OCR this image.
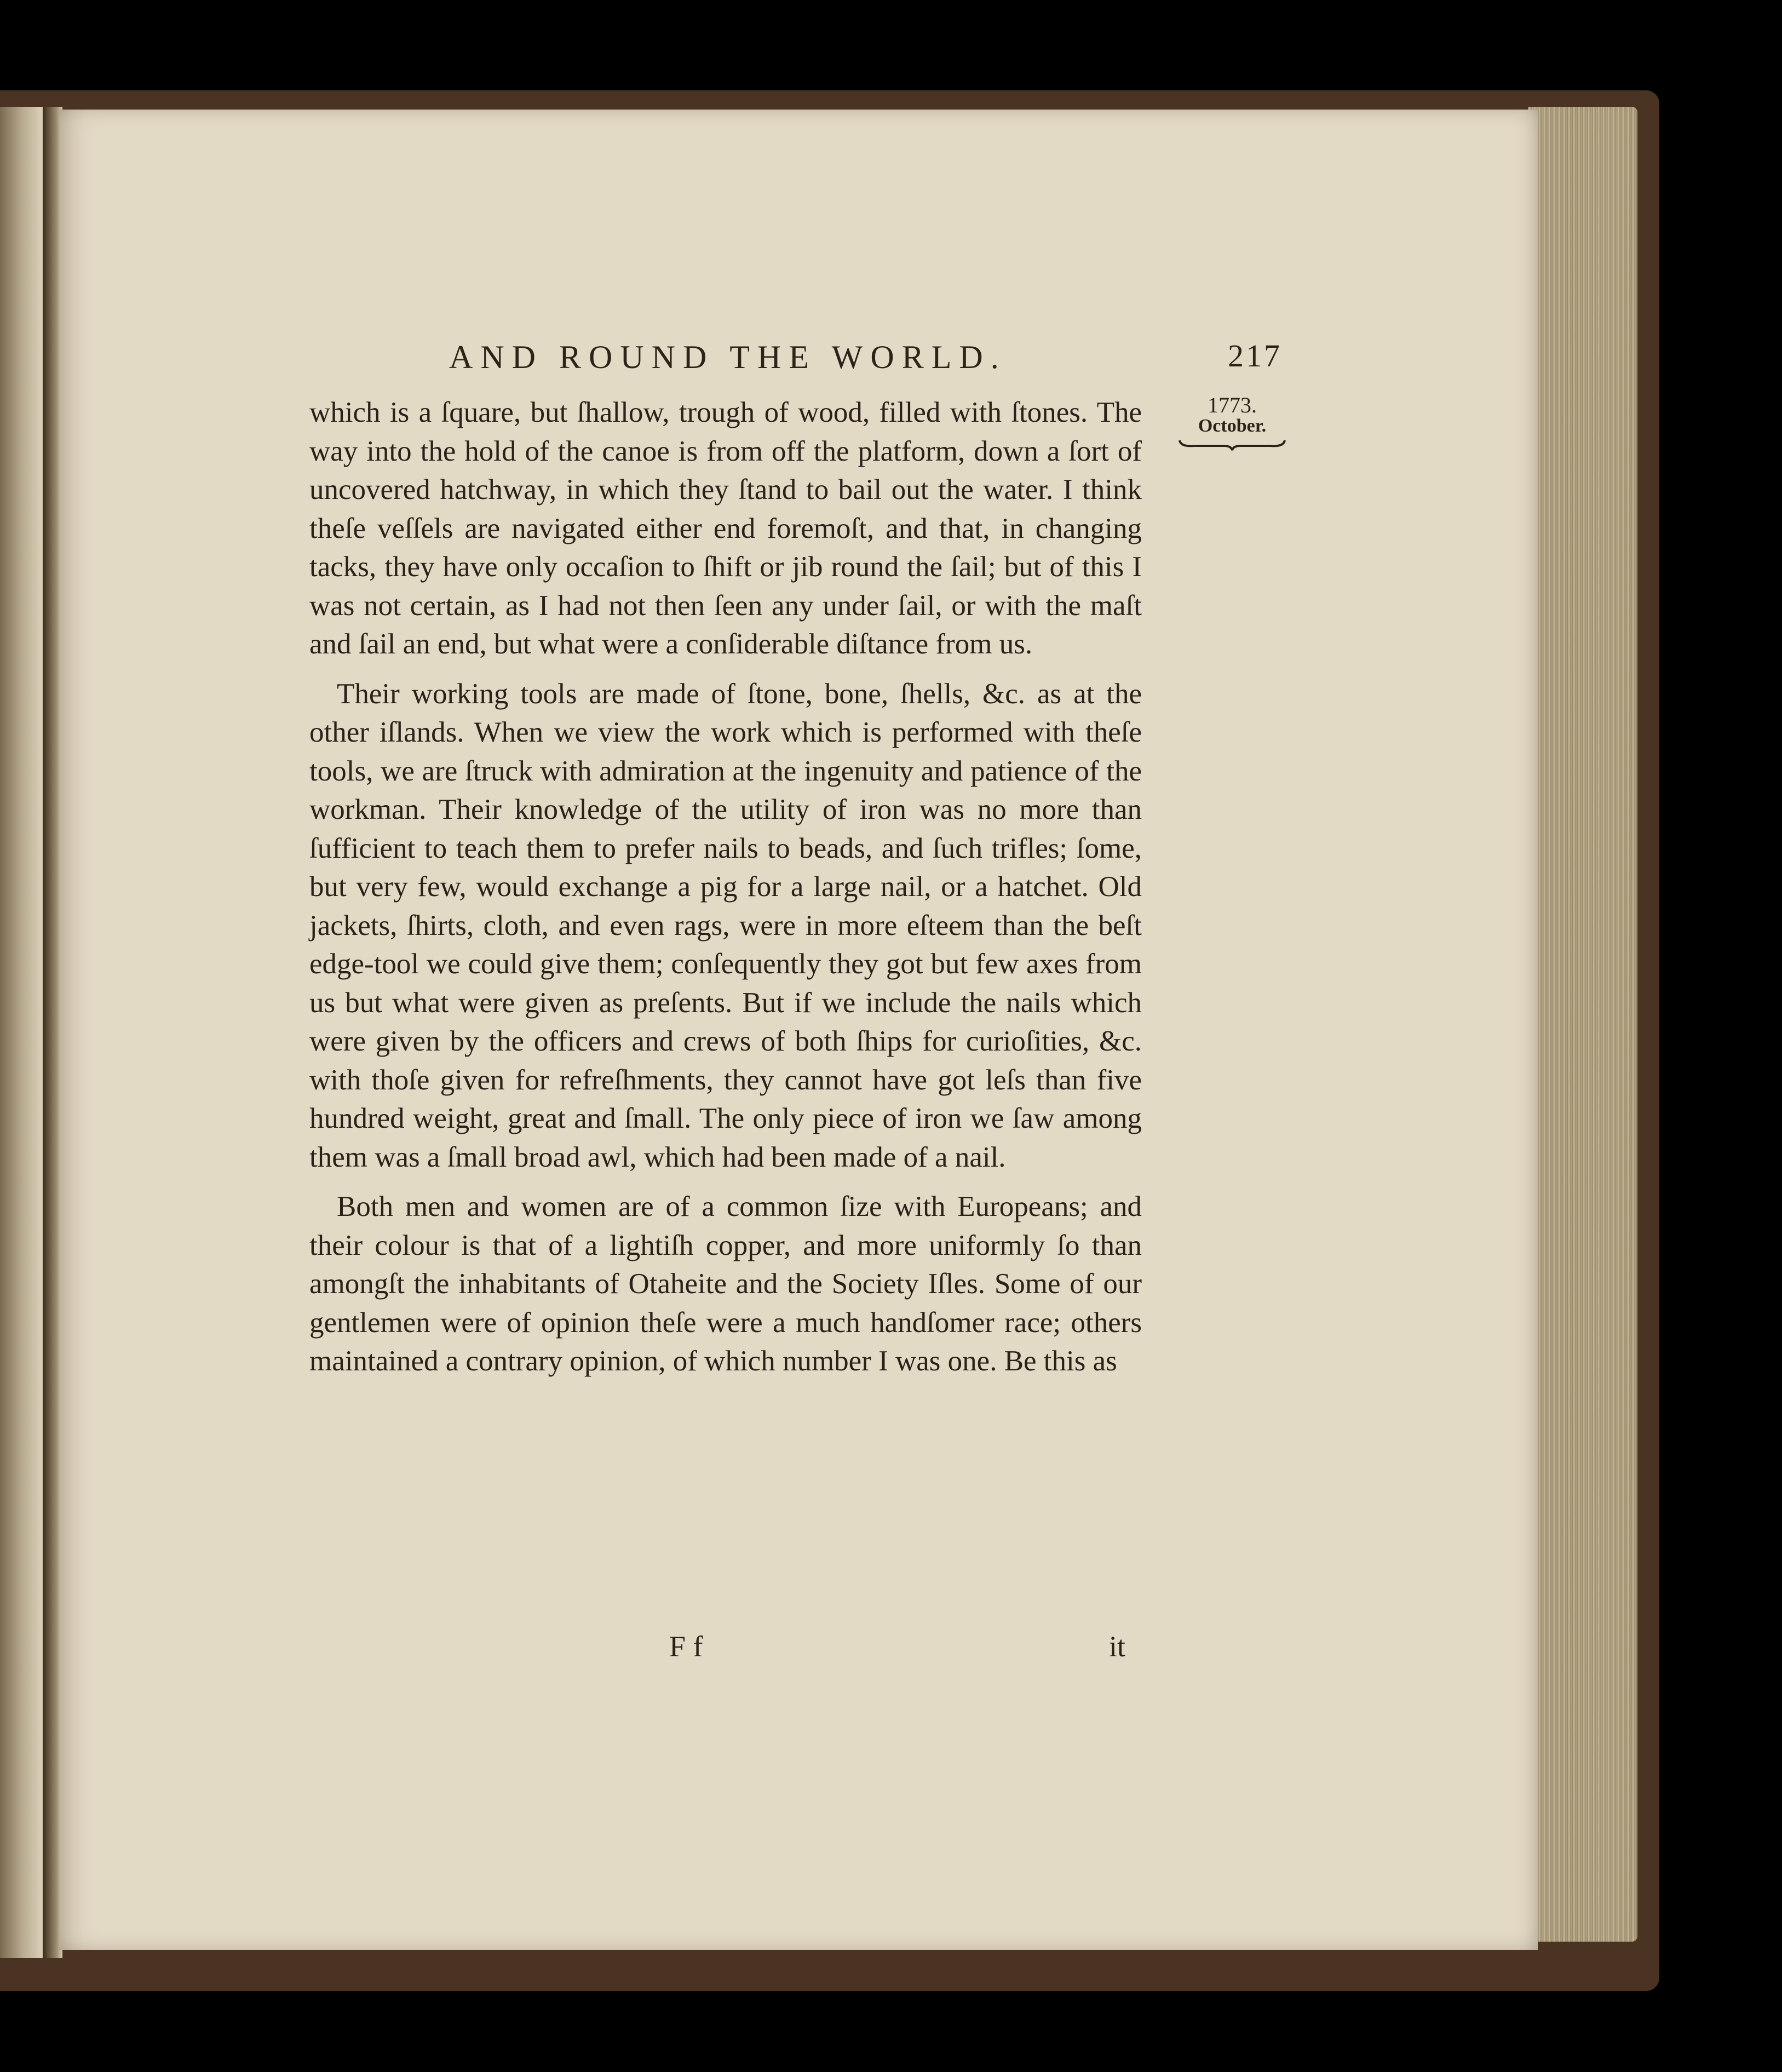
AND ROUND THE WORLD.	217
1773.
October.

which is a ſquare, but ſhallow, trough of wood, filled with ſtones. The way into the hold of the canoe is from off the platform, down a ſort of uncovered hatchway, in which they ſtand to bail out the water. I think theſe veſſels are navigated either end foremoſt, and that, in changing tacks, they have only occaſion to ſhift or jib round the ſail; but of this I was not certain, as I had not then ſeen any under ſail, or with the maſt and ſail an end, but what were a conſiderable diſtance from us.

Their working tools are made of ſtone, bone, ſhells, &c. as at the other iſlands. When we view the work which is performed with theſe tools, we are ſtruck with admiration at the ingenuity and patience of the workman. Their knowledge of the utility of iron was no more than ſufficient to teach them to prefer nails to beads, and ſuch trifles; ſome, but very few, would exchange a pig for a large nail, or a hatchet. Old jackets, ſhirts, cloth, and even rags, were in more eſteem than the beſt edge-tool we could give them; conſequently they got but few axes from us but what were given as preſents. But if we include the nails which were given by the officers and crews of both ſhips for curioſities, &c. with thoſe given for refreſhments, they cannot have got leſs than five hundred weight, great and ſmall. The only piece of iron we ſaw among them was a ſmall broad awl, which had been made of a nail.

Both men and women are of a common ſize with Europeans; and their colour is that of a lightiſh copper, and more uniformly ſo than amongſt the inhabitants of Otaheite and the Society Iſles. Some of our gentlemen were of opinion theſe were a much handſomer race; others maintained a contrary opinion, of which number I was one. Be this as

F f	it
